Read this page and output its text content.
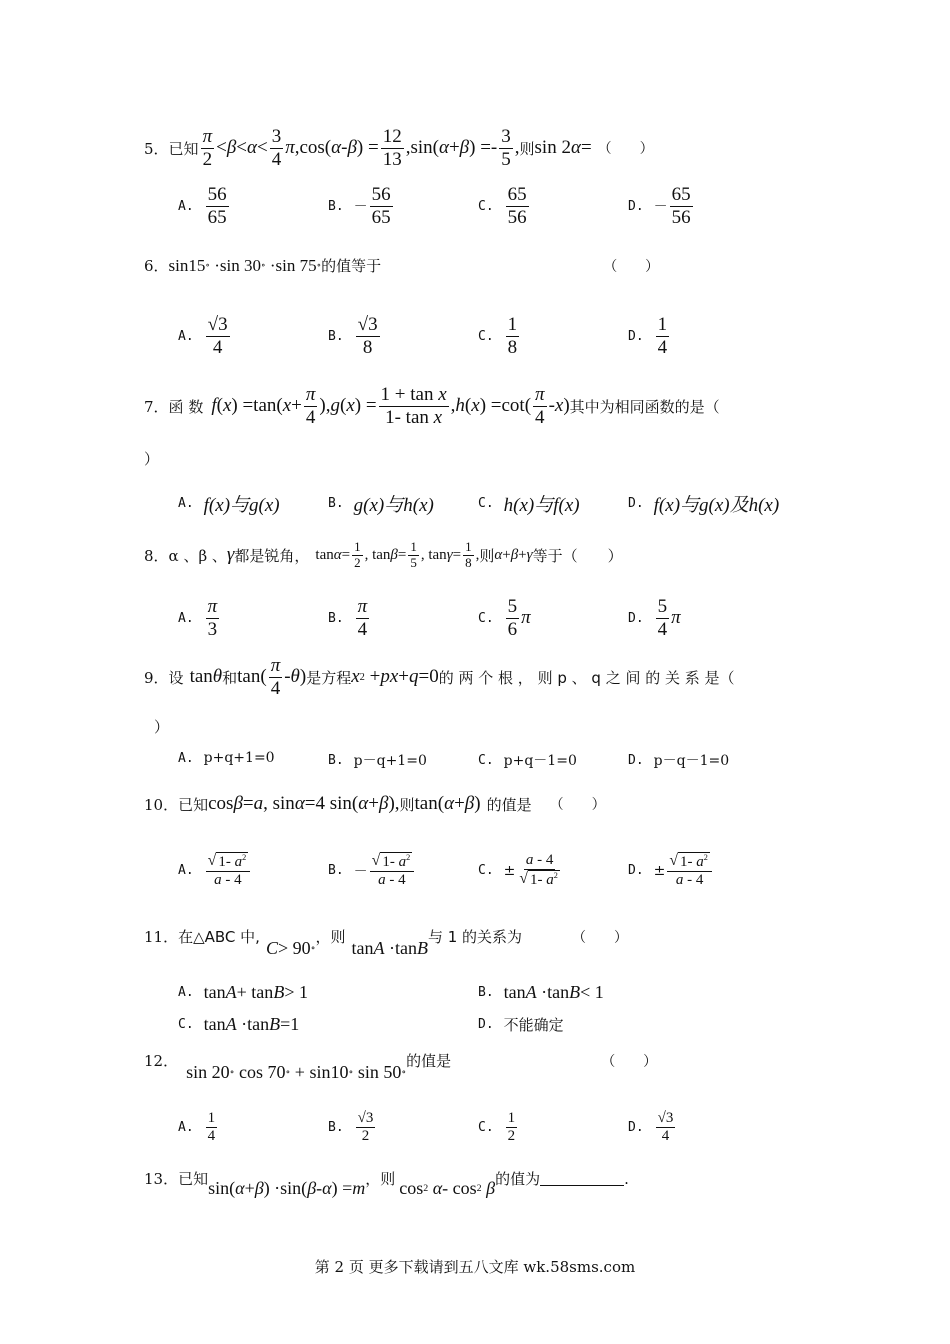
5． 已知 $\frac{\pi}{2} < \beta < \alpha < \frac{3}{4}$ π ,cos( α - β ) = $\frac{12}{13} ,\sin$( α + β ) =- $\frac{3}{5}$ , 则 sin 2 α = （　　）
A. $\frac{56}{65}$	B. － $\frac{56}{65}$	C. $\frac{65}{56}$	D. － $\frac{65}{56}$
6． sin15 ∘ ·sin 30 ∘ ·sin 75 ∘ 的值等于	（　　）
A. $\frac{√3}{4}$	B. $\frac{√3}{8}$	C. $\frac{1}{8}$	D. $\frac{1}{4}$
7． 函 数 f ( x ) =tan( $x + \frac{\pi}{4}$ ), g ( x ) = $\frac{\text{1 + tan x}}{\text{1- tan x}}$ , h ( x ) $=\cot( \frac{\pi}{4} - x$ ) 其中为相同函数的是（
）
A. f(x)与g(x)	B. g(x)与h(x)	C. h(x)与f(x)	D. f(x)与g(x)及h(x)
8． α 、β 、 γ 都是锐角， $\tan \alpha = \frac{1}{2}$ , $\tan \beta = \frac{1}{5}$ , $\tan \gamma = \frac{1}{8}$ , 则 α + β + γ 等于（　　）
A. $\frac{\pi}{3}$	B. $\frac{\pi}{4}$	C. $\frac{5}{6}$ π	D. $\frac{5}{4}$ π
9． 设 tan θ 和 $\tan( \frac{\pi}{4}$ - θ ) 是方程 x 2 + px + q =0 的 两 个 根 ， 则 p 、 q 之 间 的 关 系 是（
）
A. p+q+1=0	B. p－q+1=0	C. p+q－1=0	D. p－q－1=0
10． 已知 cos β = a , sin α =4 sin( α + β ), 则 tan( α + β ) 的值是 （　　）
A. $\frac{√ 1- a^2}{a - 4}$	B. － $\frac{√ 1- a^2}{a - 4}$	C. ± $\frac{a - 4}{√ 1- a^2}$	D. ± $\frac{√ 1- a^2}{a - 4}$
11． 在△ABC 中,
C > 90 ∘
，则
tan A ·tan B
与 1 的关系为	（　　）
A. tan A + tan B > 1	B. tan A ·tan B < 1
C. tan A ·tan B =1	D. 不能确定
12．
sin 20 ∘ cos 70 ∘ + sin10 ∘ sin 50 ∘
的值是	（　　）
A. $\frac{1}{4}$	B. $\frac{√3}{2}$	C. $\frac{1}{2}$	D. $\frac{√3}{4}$
13． 已知 sin( α + β ) ·sin( β - α ) = m ，则 cos 2
α - cos 2
β 的值为	.
第 2 页 更多下载请到五八文库 wk.58sms.com
